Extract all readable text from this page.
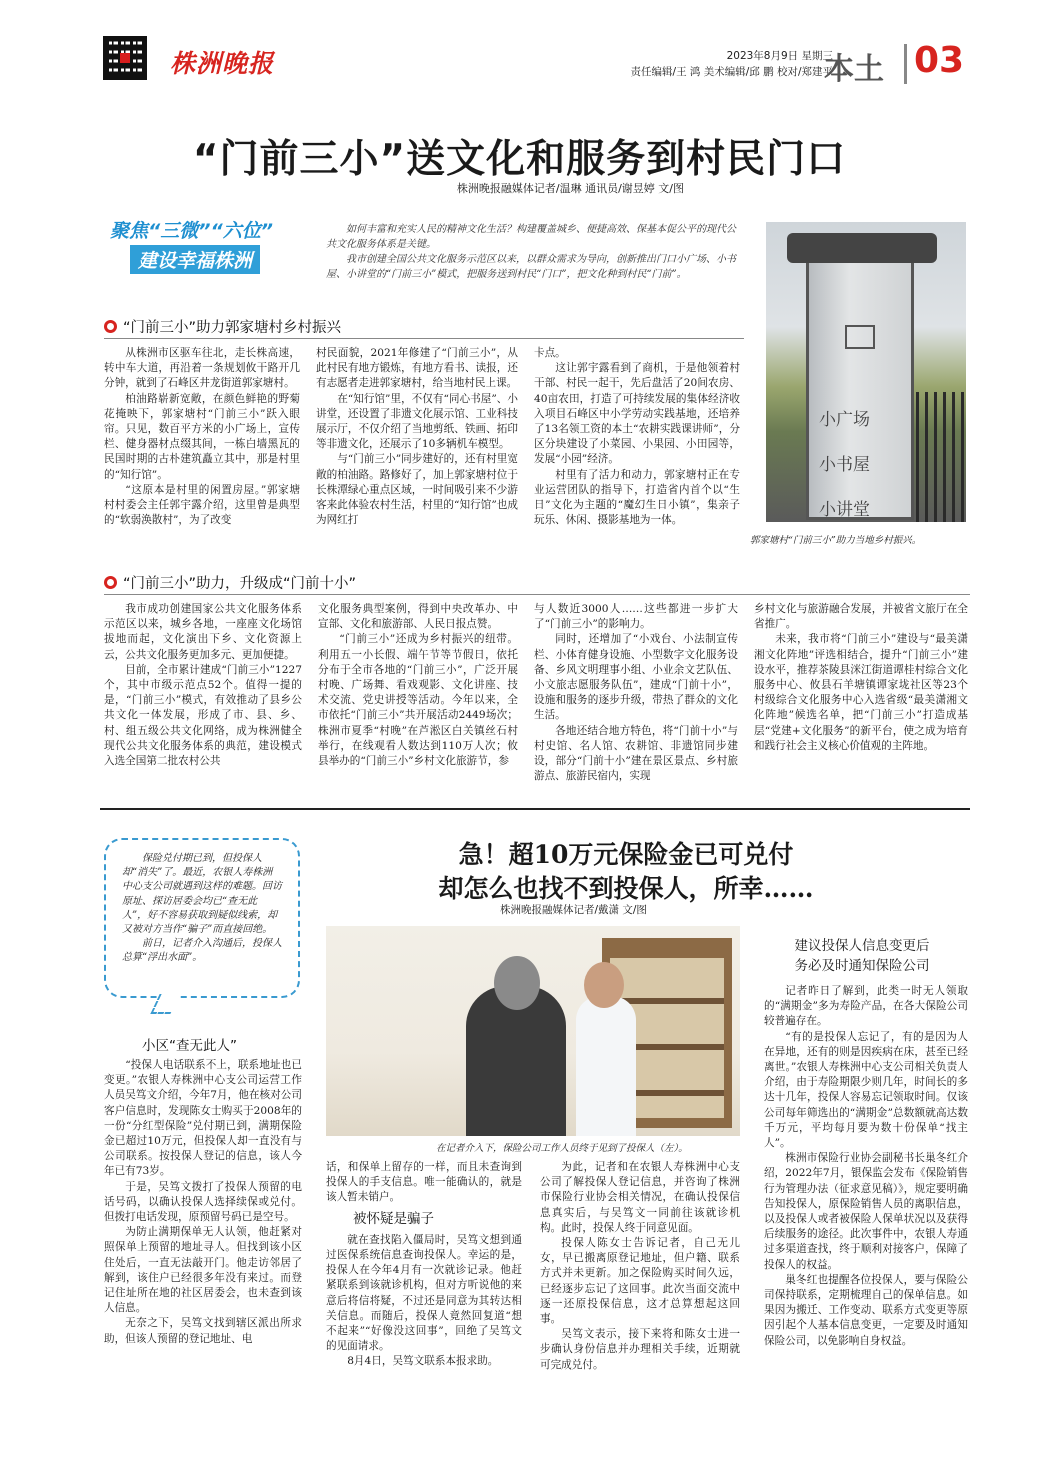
株洲晚报	2023年8月9日 星期三
责任编辑/王 鸿 美术编辑/邱 鹏 校对/郑建平
本土 03
“门前三小”送文化和服务到村民门口
株洲晚报融媒体记者/温琳 通讯员/谢昱婷 文/图
聚焦“三微”“六位”
建设幸福株洲

如何丰富和充实人民的精神文化生活？构建覆盖城乡、便捷高效、保基本促公平的现代公共文化服务体系是关键。

我市创建全国公共文化服务示范区以来，以群众需求为导向，创新推出门口小广场、小书屋、小讲堂的“门前三小”模式，把服务送到村民“门口”，把文化种到村民“门前”。

小广场
小书屋
小讲堂
郭家塘村“门前三小”助力当地乡村振兴。
“门前三小”助力郭家塘村乡村振兴

从株洲市区驱车往北，走长株高速，转中车大道，再沿着一条规划攸干路开几分钟，就到了石峰区井龙街道郭家塘村。

柏油路崭新宽敞，在颜色鲜艳的野菊花掩映下，郭家塘村“门前三小”跃入眼帘。只见，数百平方米的小广场上，宣传栏、健身器材点缀其间，一栋白墙黑瓦的民国时期的古朴建筑矗立其中，那是村里的“知行馆”。

“这原本是村里的闲置房屋。”郭家塘村村委会主任郭宇露介绍，这里曾是典型的“软弱涣散村”，为了改变

村民面貌，2021年修建了“门前三小”，从此村民有地方锻炼，有地方看书、读报，还有志愿者走进郭家塘村，给当地村民上课。

在“知行馆”里，不仅有“同心书屋”、小讲堂，还设置了非遗文化展示馆、工业科技展示厅，不仅介绍了当地剪纸、铁画、拓印等非遗文化，还展示了10多辆机车模型。

与“门前三小”同步建好的，还有村里宽敞的柏油路。路修好了，加上郭家塘村位于长株潭绿心重点区域，一时间吸引来不少游客来此体验农村生活，村里的“知行馆”也成为网红打

卡点。

这让郭宇露看到了商机，于是他领着村干部、村民一起干，先后盘活了20间农房、40亩农田，打造了可持续发展的集体经济收入项目石峰区中小学劳动实践基地，还培养了13名领工资的本土“农耕实践课讲师”，分区分块建设了小菜园、小果园、小田园等，发展“小园”经济。

村里有了活力和动力，郭家塘村正在专业运营团队的指导下，打造省内首个以“生日”文化为主题的“魔幻生日小镇”，集亲子玩乐、休闲、摄影基地为一体。

“门前三小”助力，升级成“门前十小”

我市成功创建国家公共文化服务体系示范区以来，城乡各地，一座座文化场馆拔地而起，文化演出下乡、文化资源上云，公共文化服务更加多元、更加便捷。

目前，全市累计建成“门前三小”1227个，其中市级示范点52个。值得一提的是，“门前三小”模式，有效推动了县乡公共文化一体发展，形成了市、县、乡、村、组五级公共文化网络，成为株洲健全现代公共文化服务体系的典范，建设模式入选全国第二批农村公共

文化服务典型案例，得到中央改革办、中宣部、文化和旅游部、人民日报点赞。

“门前三小”还成为乡村振兴的纽带。利用五一小长假、端午节等节假日，依托分布于全市各地的“门前三小”，广泛开展村晚、广场舞、看戏观影、文化讲座、技术交流、党史讲授等活动。今年以来，全市依托“门前三小”共开展活动2449场次；株洲市夏季“村晚”在芦淞区白关镇丝石村举行，在线观看人数达到110万人次；攸县举办的“门前三小”乡村文化旅游节，参

与人数近3000人……这些都进一步扩大了“门前三小”的影响力。

同时，还增加了“小戏台、小法制宣传栏、小体育健身设施、小型数字文化服务设备、乡风文明理事小组、小业余文艺队伍、小文旅志愿服务队伍”，建成“门前十小”，设施和服务的逐步升级，带热了群众的文化生活。

各地还结合地方特色，将“门前十小”与村史馆、名人馆、农耕馆、非遗馆同步建设，部分“门前十小”建在景区景点、乡村旅游点、旅游民宿内，实现

乡村文化与旅游融合发展，并被省文旅厅在全省推广。

未来，我市将“门前三小”建设与“最美潇湘文化阵地”评选相结合，提升“门前三小”建设水平，推荐茶陵县洣江街道谭桂村综合文化服务中心、攸县石羊塘镇谭家垅社区等23个村级综合文化服务中心入选省级“最美潇湘文化阵地”候选名单，把“门前三小”打造成基层“党建+文化服务”的新平台，使之成为培育和践行社会主义核心价值观的主阵地。

保险兑付期已到，但投保人却“消失”了。最近，农银人寿株洲中心支公司就遇到这样的难题。回访原址、探访居委会均已“查无此人”，好不容易获取到疑似线索，却又被对方当作“骗子”而直接回绝。

前日，记者介入沟通后，投保人总算“浮出水面”。

急！超10万元保险金已可兑付
却怎么也找不到投保人，所幸……
株洲晚报融媒体记者/戴潇 文/图
在记者介入下，保险公司工作人员终于见到了投保人（左）。
小区“查无此人”

“投保人电话联系不上，联系地址也已变更。”农银人寿株洲中心支公司运营工作人员吴笃文介绍，今年7月，他在核对公司客户信息时，发现陈女士购买于2008年的一份“分红型保险”兑付期已到，满期保险金已超过10万元，但投保人却一直没有与公司联系。按投保人登记的信息，该人今年已有73岁。

于是，吴笃文拨打了投保人预留的电话号码，以确认投保人选择续保或兑付。但拨打电话发现，原预留号码已是空号。

为防止满期保单无人认领，他赶紧对照保单上预留的地址寻人。但找到该小区住处后，一直无法敲开门。他走访邻居了解到，该住户已经很多年没有来过。而登记住址所在地的社区居委会，也未查到该人信息。

无奈之下，吴笃文找到辖区派出所求助，但该人预留的登记地址、电

话，和保单上留存的一样，而且未查询到投保人的手支信息。唯一能确认的，就是该人暂未销户。

被怀疑是骗子

就在查找陷入僵局时，吴笃文想到通过医保系统信息查询投保人。幸运的是，投保人在今年4月有一次就诊记录。他赶紧联系到该就诊机构，但对方听说他的来意后将信将疑，不过还是同意为其转达相关信息。而随后，投保人竟然回复道“想不起来”“好像没这回事”，回绝了吴笃文的见面请求。

8月4日，吴笃文联系本报求助。

为此，记者和在农银人寿株洲中心支公司了解投保人登记信息，并咨询了株洲市保险行业协会相关情况，在确认投保信息真实后，与吴笃文一同前往该就诊机构。此时，投保人终于同意见面。

投保人陈女士告诉记者，自己无儿女，早已搬离原登记地址，但户籍、联系方式并未更新。加之保险购买时间久远，已经逐步忘记了这回事。此次当面交流中逐一还原投保信息，这才总算想起这回事。

吴笃文表示，接下来将和陈女士进一步确认身份信息并办理相关手续，近期就可完成兑付。

建议投保人信息变更后
务必及时通知保险公司

记者昨日了解到，此类一时无人领取的“满期金”多为寿险产品，在各大保险公司较普遍存在。

“有的是投保人忘记了，有的是因为人在异地，还有的则是因疾病在床，甚至已经离世。”农银人寿株洲中心支公司相关负责人介绍，由于寿险期限少则几年，时间长的多达十几年，投保人容易忘记领取时间。仅该公司每年筛选出的“满期金”总数额就高达数千万元，平均每月要为数十份保单“找主人”。

株洲市保险行业协会副秘书长巢冬红介绍，2022年7月，银保监会发布《保险销售行为管理办法（征求意见稿）》，规定要明确告知投保人，原保险销售人员的离职信息，以及投保人或者被保险人保单状况以及获得后续服务的途径。此次事件中，农银人寿通过多渠道查找，终于顺利对接客户，保障了投保人的权益。

巢冬红也提醒各位投保人，要与保险公司保持联系，定期梳理自己的保单信息。如果因为搬迁、工作变动、联系方式变更等原因引起个人基本信息变更，一定要及时通知保险公司，以免影响自身权益。
